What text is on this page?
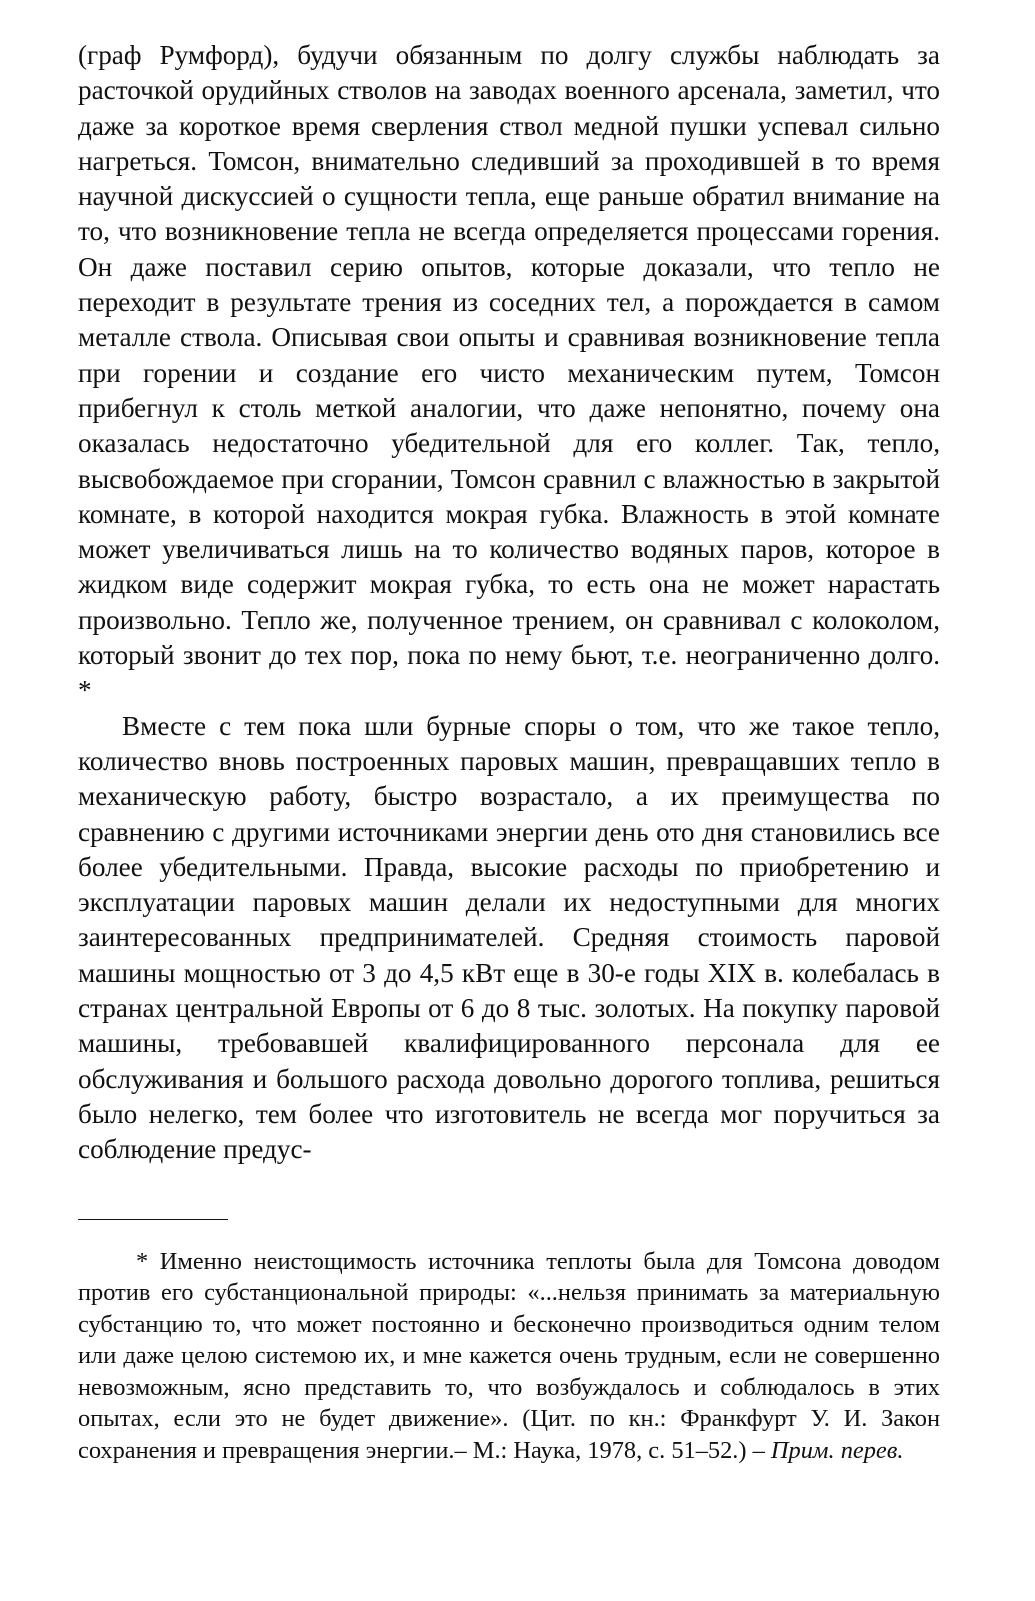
(граф Румфорд), будучи обязанным по долгу службы наблюдать за расточкой орудийных стволов на заводах военного арсенала, заметил, что даже за короткое время сверления ствол медной пушки успевал сильно нагреться. Томсон, внимательно следивший за проходившей в то время научной дискуссией о сущности тепла, еще раньше обратил внимание на то, что возникновение тепла не всегда определяется процессами горения. Он даже поставил серию опытов, которые доказали, что тепло не переходит в результате трения из соседних тел, а порождается в самом металле ствола. Описывая свои опыты и сравнивая возникновение тепла при горении и создание его чисто механическим путем, Томсон прибегнул к столь меткой аналогии, что даже непонятно, почему она оказалась недостаточно убедительной для его коллег. Так, тепло, высвобождаемое при сгорании, Томсон сравнил с влажностью в закрытой комнате, в которой находится мокрая губка. Влажность в этой комнате может увеличиваться лишь на то количество водяных паров, которое в жидком виде содержит мокрая губка, то есть она не может нарастать произвольно. Тепло же, полученное трением, он сравнивал с колоколом, который звонит до тех пор, пока по нему бьют, т.е. неограниченно долго. *

Вместе с тем пока шли бурные споры о том, что же такое тепло, количество вновь построенных паровых машин, превращавших тепло в механическую работу, быстро возрастало, а их преимущества по сравнению с другими источниками энергии день ото дня становились все более убедительными. Правда, высокие расходы по приобретению и эксплуатации паровых машин делали их недоступными для многих заинтересованных предпринимателей. Средняя стоимость паровой машины мощностью от 3 до 4,5 кВт еще в 30-е годы XIX в. колебалась в странах центральной Европы от 6 до 8 тыс. золотых. На покупку паровой машины, требовавшей квалифицированного персонала для ее обслуживания и большого расхода довольно дорогого топлива, решиться было нелегко, тем более что изготовитель не всегда мог поручиться за соблюдение предус-

* Именно неистощимость источника теплоты была для Томсона доводом против его субстанциональной природы: «...нельзя принимать за материальную субстанцию то, что может постоянно и бесконечно производиться одним телом или даже целою системою их, и мне кажется очень трудным, если не совершенно невозможным, ясно представить то, что возбуждалось и соблюдалось в этих опытах, если это не будет движение». (Цит. по кн.: Франкфурт У. И. Закон сохранения и превращения энергии.– М.: Наука, 1978, с. 51–52.) – Прим. перев.
